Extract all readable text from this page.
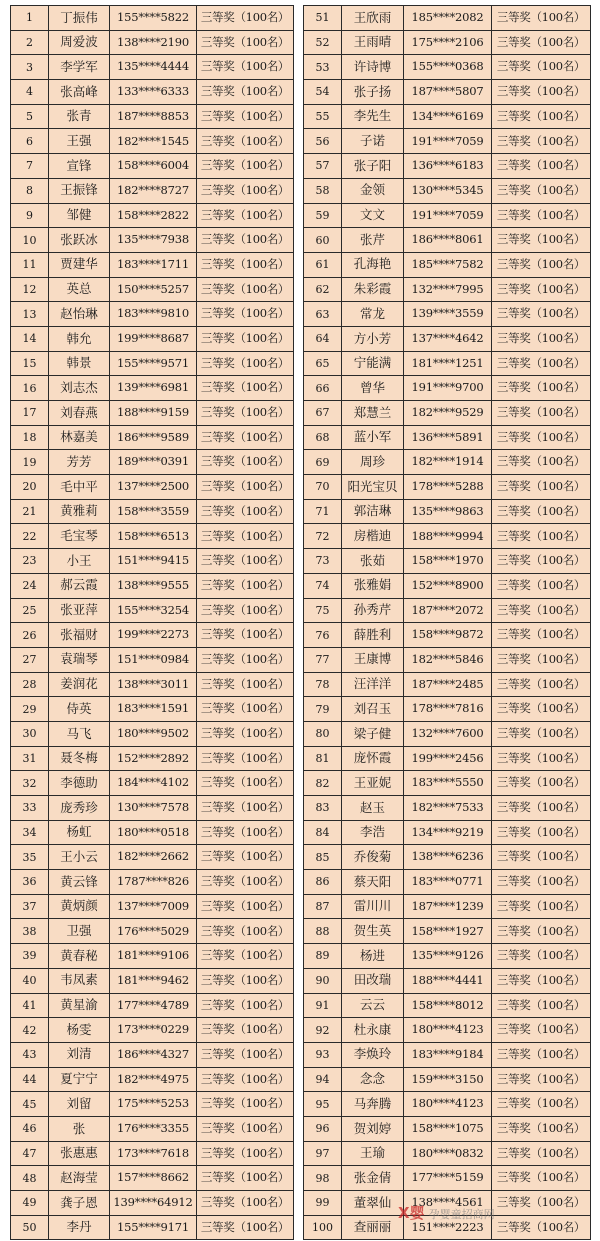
1	丁振伟	155****5822	三等奖（100名）
2	周爱波	138****2190	三等奖（100名）
3	李学军	135****4444	三等奖（100名）
4	张高峰	133****6333	三等奖（100名）
5	张青	187****8853	三等奖（100名）
6	王强	182****1545	三等奖（100名）
7	宣锋	158****6004	三等奖（100名）
8	王振锋	182****8727	三等奖（100名）
9	邹健	158****2822	三等奖（100名）
10	张跃冰	135****7938	三等奖（100名）
11	贾建华	183****1711	三等奖（100名）
12	英总	150****5257	三等奖（100名）
13	赵怡琳	183****9810	三等奖（100名）
14	韩允	199****8687	三等奖（100名）
15	韩景	155****9571	三等奖（100名）
16	刘志杰	139****6981	三等奖（100名）
17	刘春燕	188****9159	三等奖（100名）
18	林嘉美	186****9589	三等奖（100名）
19	芳芳	189****0391	三等奖（100名）
20	毛中平	137****2500	三等奖（100名）
21	黄雅莉	158****3559	三等奖（100名）
22	毛宝琴	158****6513	三等奖（100名）
23	小王	151****9415	三等奖（100名）
24	郝云霞	138****9555	三等奖（100名）
25	张亚萍	155****3254	三等奖（100名）
26	张福财	199****2273	三等奖（100名）
27	袁瑞琴	151****0984	三等奖（100名）
28	姜润花	138****3011	三等奖（100名）
29	侍英	183****1591	三等奖（100名）
30	马飞	180****9502	三等奖（100名）
31	聂冬梅	152****2892	三等奖（100名）
32	李德助	184****4102	三等奖（100名）
33	庞秀珍	130****7578	三等奖（100名）
34	杨虹	180****0518	三等奖（100名）
35	王小云	182****2662	三等奖（100名）
36	黄云锋	1787****826	三等奖（100名）
37	黄炳颜	137****7009	三等奖（100名）
38	卫强	176****5029	三等奖（100名）
39	黄春秘	181****9106	三等奖（100名）
40	韦凤素	181****9462	三等奖（100名）
41	黄星渝	177****4789	三等奖（100名）
42	杨雯	173****0229	三等奖（100名）
43	刘清	186****4327	三等奖（100名）
44	夏宁宁	182****4975	三等奖（100名）
45	刘留	175****5253	三等奖（100名）
46	张	176****3355	三等奖（100名）
47	张惠惠	173****7618	三等奖（100名）
48	赵海莹	157****8662	三等奖（100名）
49	龚子恩	139****64912	三等奖（100名）
50	李丹	155****9171	三等奖（100名）
51	王欣雨	185****2082	三等奖（100名）
52	王雨晴	175****2106	三等奖（100名）
53	许诗博	155****0368	三等奖（100名）
54	张子扬	187****5807	三等奖（100名）
55	李先生	134****6169	三等奖（100名）
56	子诺	191****7059	三等奖（100名）
57	张子阳	136****6183	三等奖（100名）
58	金领	130****5345	三等奖（100名）
59	文文	191****7059	三等奖（100名）
60	张芹	186****8061	三等奖（100名）
61	孔海艳	185****7582	三等奖（100名）
62	朱彩霞	132****7995	三等奖（100名）
63	常龙	139****3559	三等奖（100名）
64	方小芳	137****4642	三等奖（100名）
65	宁能满	181****1251	三等奖（100名）
66	曾华	191****9700	三等奖（100名）
67	郑慧兰	182****9529	三等奖（100名）
68	蓝小军	136****5891	三等奖（100名）
69	周珍	182****1914	三等奖（100名）
70	阳光宝贝	178****5288	三等奖（100名）
71	郭洁琳	135****9863	三等奖（100名）
72	房楷迪	188****9994	三等奖（100名）
73	张茹	158****1970	三等奖（100名）
74	张雅娟	152****8900	三等奖（100名）
75	孙秀芹	187****2072	三等奖（100名）
76	薛胜利	158****9872	三等奖（100名）
77	王康博	182****5846	三等奖（100名）
78	汪洋洋	187****2485	三等奖（100名）
79	刘召玉	178****7816	三等奖（100名）
80	梁子健	132****7600	三等奖（100名）
81	庞怀霞	199****2456	三等奖（100名）
82	王亚妮	183****5550	三等奖（100名）
83	赵玉	182****7533	三等奖（100名）
84	李浩	134****9219	三等奖（100名）
85	乔俊菊	138****6236	三等奖（100名）
86	蔡天阳	183****0771	三等奖（100名）
87	雷川川	187****1239	三等奖（100名）
88	贺生英	158****1927	三等奖（100名）
89	杨进	135****9126	三等奖（100名）
90	田改瑞	188****4441	三等奖（100名）
91	云云	158****8012	三等奖（100名）
92	杜永康	180****4123	三等奖（100名）
93	李焕玲	183****9184	三等奖（100名）
94	念念	159****3150	三等奖（100名）
95	马奔腾	180****4123	三等奖（100名）
96	贺刘婷	158****1075	三等奖（100名）
97	王瑜	180****0832	三等奖（100名）
98	张金倩	177****5159	三等奖（100名）
99	董翠仙	138****4561	三等奖（100名）
100	查丽丽	151****2223	三等奖（100名）
X婴 孕婴童招商网
